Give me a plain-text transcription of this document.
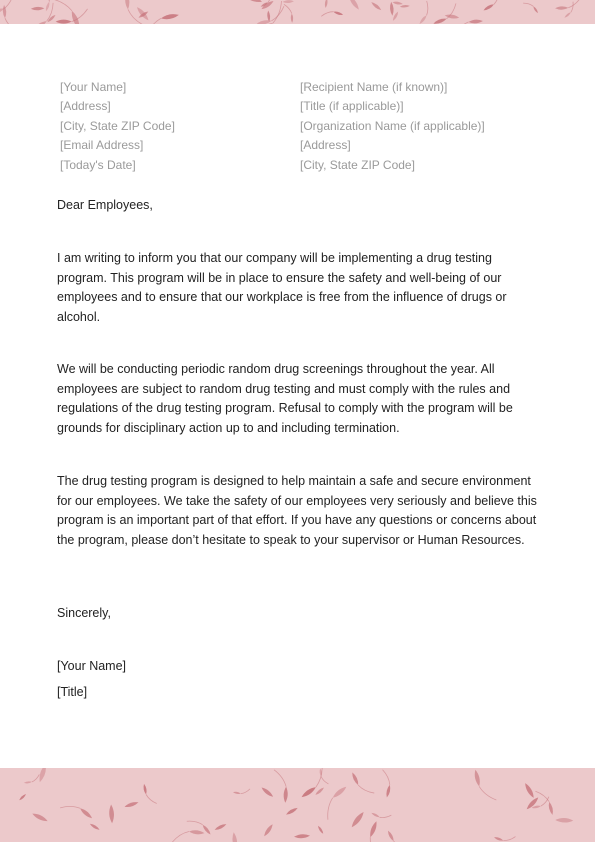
[Your Name]
[Address]
[City, State ZIP Code]
[Email Address]
[Today's Date]
[Recipient Name (if known)]
[Title (if applicable)]
[Organization Name (if applicable)]
[Address]
[City, State ZIP Code]
Dear Employees,

I am writing to inform you that our company will be implementing a drug testing program. This program will be in place to ensure the safety and well-being of our employees and to ensure that our workplace is free from the influence of drugs or alcohol.

We will be conducting periodic random drug screenings throughout the year. All employees are subject to random drug testing and must comply with the rules and regulations of the drug testing program. Refusal to comply with the program will be grounds for disciplinary action up to and including termination.

The drug testing program is designed to help maintain a safe and secure environment for our employees. We take the safety of our employees very seriously and believe this program is an important part of that effort. If you have any questions or concerns about the program, please don’t hesitate to speak to your supervisor or Human Resources.

Sincerely,
[Your Name]
[Title]
